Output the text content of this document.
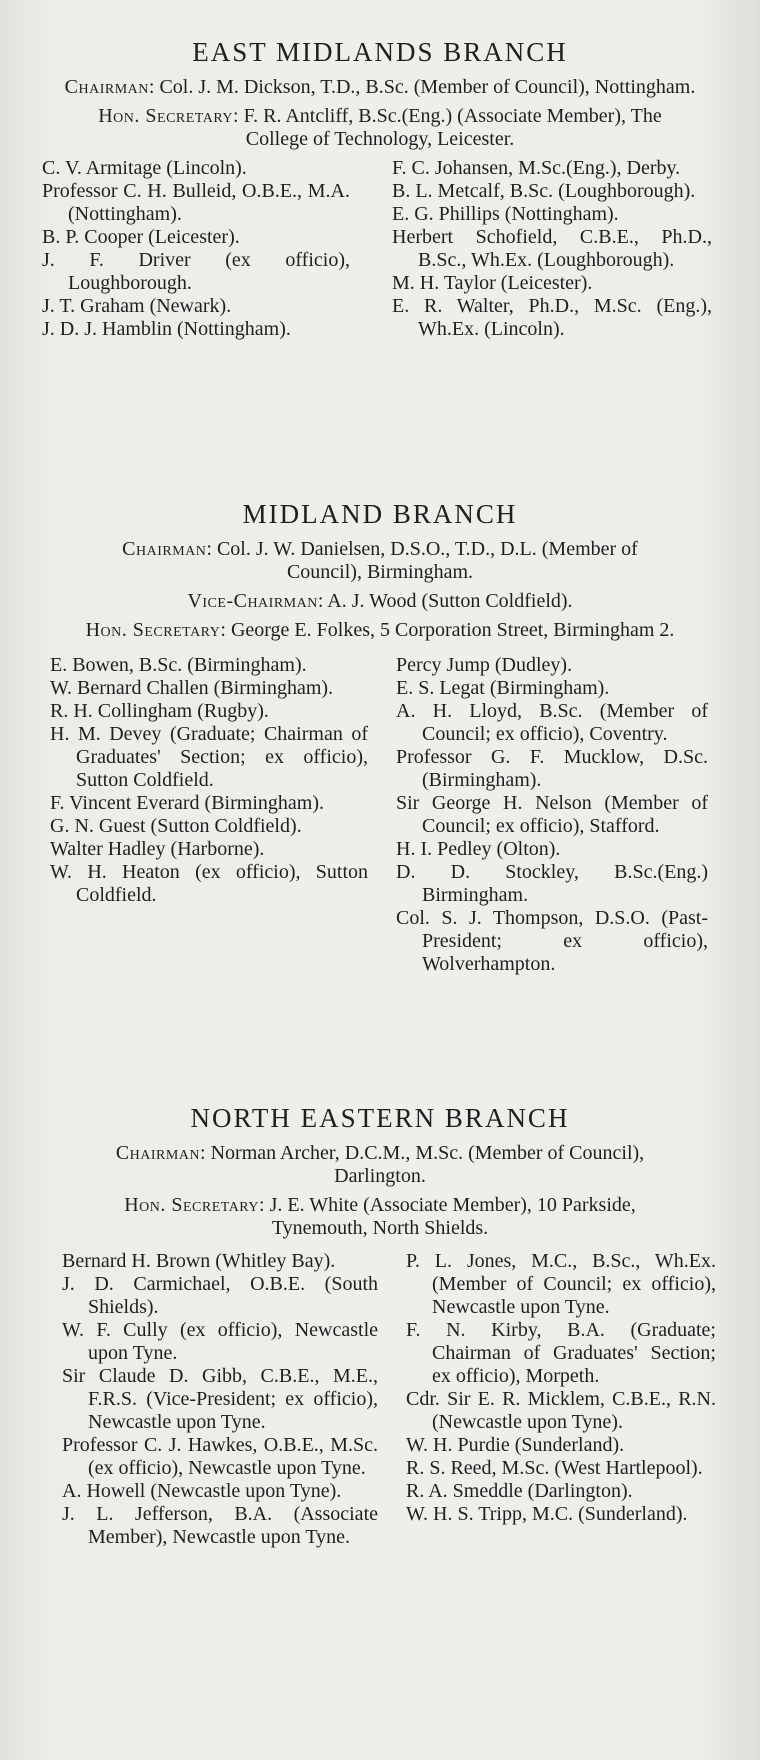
EAST MIDLANDS BRANCH

Chairman: Col. J. M. Dickson, T.D., B.Sc. (Member of Council), Nottingham.

Hon. Secretary: F. R. Antcliff, B.Sc.(Eng.) (Associate Member), The College of Technology, Leicester.

C. V. Armitage (Lincoln).
Professor C. H. Bulleid, O.B.E., M.A. (Nottingham).
B. P. Cooper (Leicester).
J. F. Driver (ex officio), Loughborough.
J. T. Graham (Newark).
J. D. J. Hamblin (Nottingham).
F. C. Johansen, M.Sc.(Eng.), Derby.
B. L. Metcalf, B.Sc. (Loughborough).
E. G. Phillips (Nottingham).
Herbert Schofield, C.B.E., Ph.D., B.Sc., Wh.Ex. (Loughborough).
M. H. Taylor (Leicester).
E. R. Walter, Ph.D., M.Sc. (Eng.), Wh.Ex. (Lincoln).
MIDLAND BRANCH

Chairman: Col. J. W. Danielsen, D.S.O., T.D., D.L. (Member of Council), Birmingham.

Vice-Chairman: A. J. Wood (Sutton Coldfield).

Hon. Secretary: George E. Folkes, 5 Corporation Street, Birmingham 2.

E. Bowen, B.Sc. (Birmingham).
W. Bernard Challen (Birmingham).
R. H. Collingham (Rugby).
H. M. Devey (Graduate; Chairman of Graduates' Section; ex officio), Sutton Coldfield.
F. Vincent Everard (Birmingham).
G. N. Guest (Sutton Coldfield).
Walter Hadley (Harborne).
W. H. Heaton (ex officio), Sutton Coldfield.
Percy Jump (Dudley).
E. S. Legat (Birmingham).
A. H. Lloyd, B.Sc. (Member of Council; ex officio), Coventry.
Professor G. F. Mucklow, D.Sc. (Birmingham).
Sir George H. Nelson (Member of Council; ex officio), Stafford.
H. I. Pedley (Olton).
D. D. Stockley, B.Sc.(Eng.) Birmingham.
Col. S. J. Thompson, D.S.O. (Past-President; ex officio), Wolverhampton.
NORTH EASTERN BRANCH

Chairman: Norman Archer, D.C.M., M.Sc. (Member of Council), Darlington.

Hon. Secretary: J. E. White (Associate Member), 10 Parkside, Tynemouth, North Shields.

Bernard H. Brown (Whitley Bay).
J. D. Carmichael, O.B.E. (South Shields).
W. F. Cully (ex officio), Newcastle upon Tyne.
Sir Claude D. Gibb, C.B.E., M.E., F.R.S. (Vice-President; ex officio), Newcastle upon Tyne.
Professor C. J. Hawkes, O.B.E., M.Sc. (ex officio), Newcastle upon Tyne.
A. Howell (Newcastle upon Tyne).
J. L. Jefferson, B.A. (Associate Member), Newcastle upon Tyne.
P. L. Jones, M.C., B.Sc., Wh.Ex. (Member of Council; ex officio), Newcastle upon Tyne.
F. N. Kirby, B.A. (Graduate; Chairman of Graduates' Section; ex officio), Morpeth.
Cdr. Sir E. R. Micklem, C.B.E., R.N. (Newcastle upon Tyne).
W. H. Purdie (Sunderland).
R. S. Reed, M.Sc. (West Hartlepool).
R. A. Smeddle (Darlington).
W. H. S. Tripp, M.C. (Sunderland).
